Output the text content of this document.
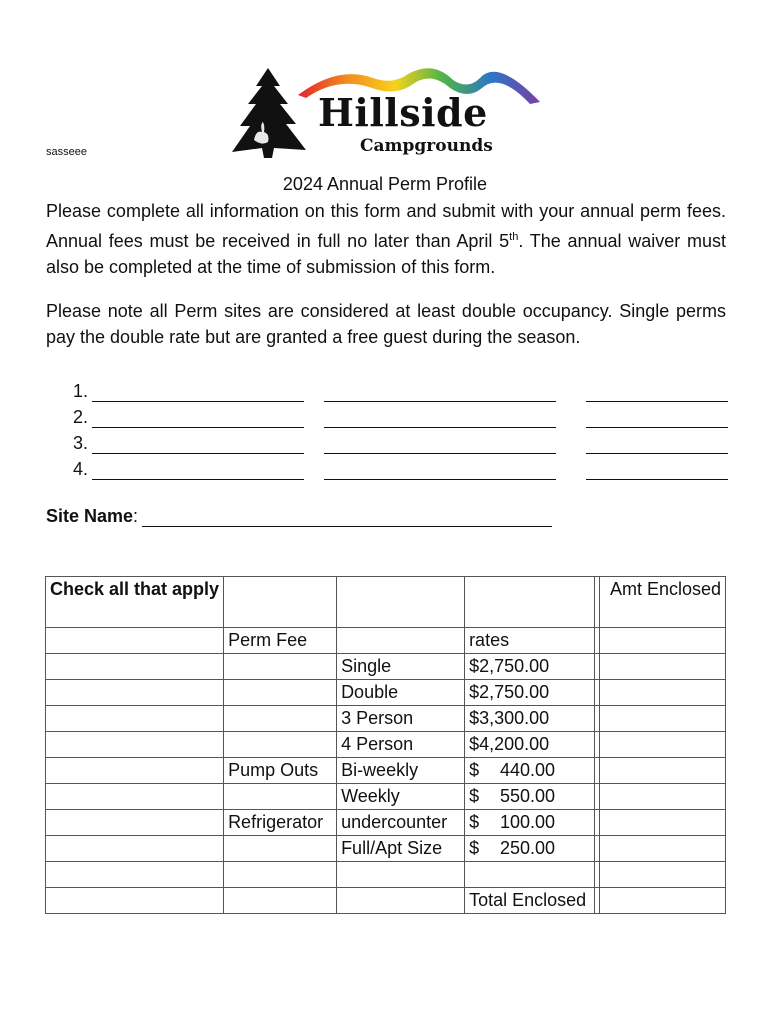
sasseee
Hillside
Campgrounds
2024 Annual Perm Profile
Please complete all information on this form and submit with your annual perm fees. Annual fees must be received in full no later than April 5th. The annual waiver must also be completed at the time of submission of this form.
Please note all Perm sites are considered at least double occupancy. Single perms pay the double rate but are granted a free guest during the season.
1.
2.
3.
4.
Site Name :
Check all that apply					Amt Enclosed
	Perm Fee		rates		
		Single	$2,750.00		
		Double	$2,750.00		
		3 Person	$3,300.00		
		4 Person	$4,200.00		
	Pump Outs	Bi-weekly	$ 440.00		

		Weekly	$ 550.00		

	Refrigerator	undercounter	$ 100.00		

		Full/Apt Size	$ 250.00		

			Total Enclosed		
